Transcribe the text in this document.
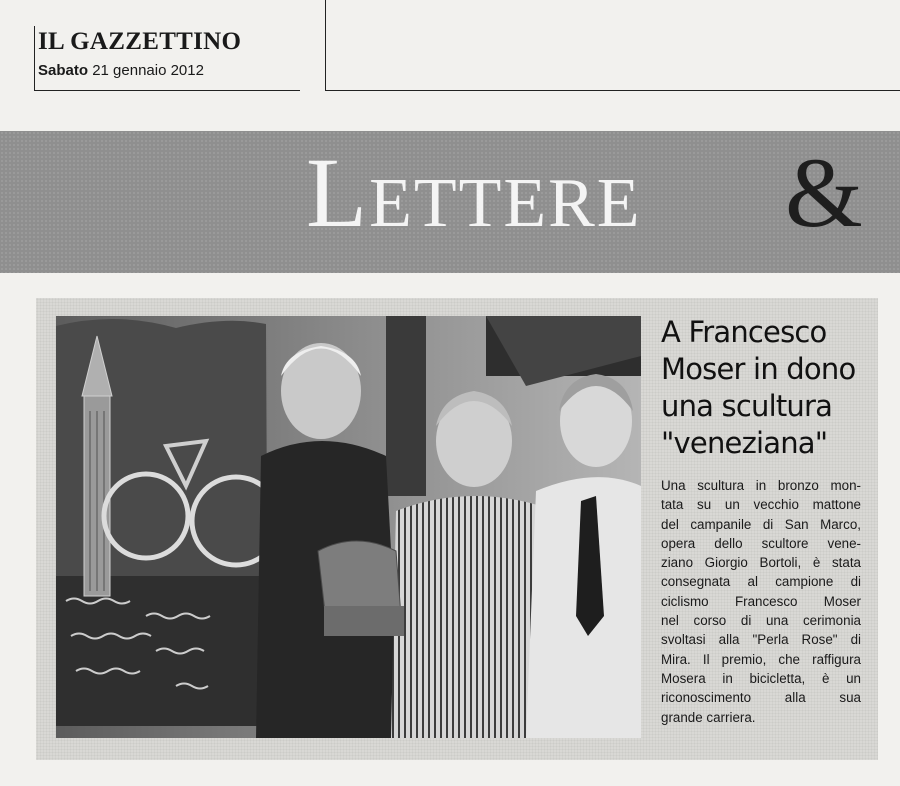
IL GAZZETTINO
Sabato 21 gennaio 2012
Lettere &
A Francesco
Moser in dono
una scultura
"veneziana"
Una scultura in bronzo mon-
tata su un vecchio mattone
del campanile di San Marco,
opera dello scultore vene-
ziano Giorgio Bortoli, è stata
consegnata al campione di
ciclismo Francesco Moser
nel corso di una cerimonia
svoltasi alla "Perla Rose" di
Mira. Il premio, che raffigura
Mosera in bicicletta, è un
riconoscimento alla sua
grande carriera.
